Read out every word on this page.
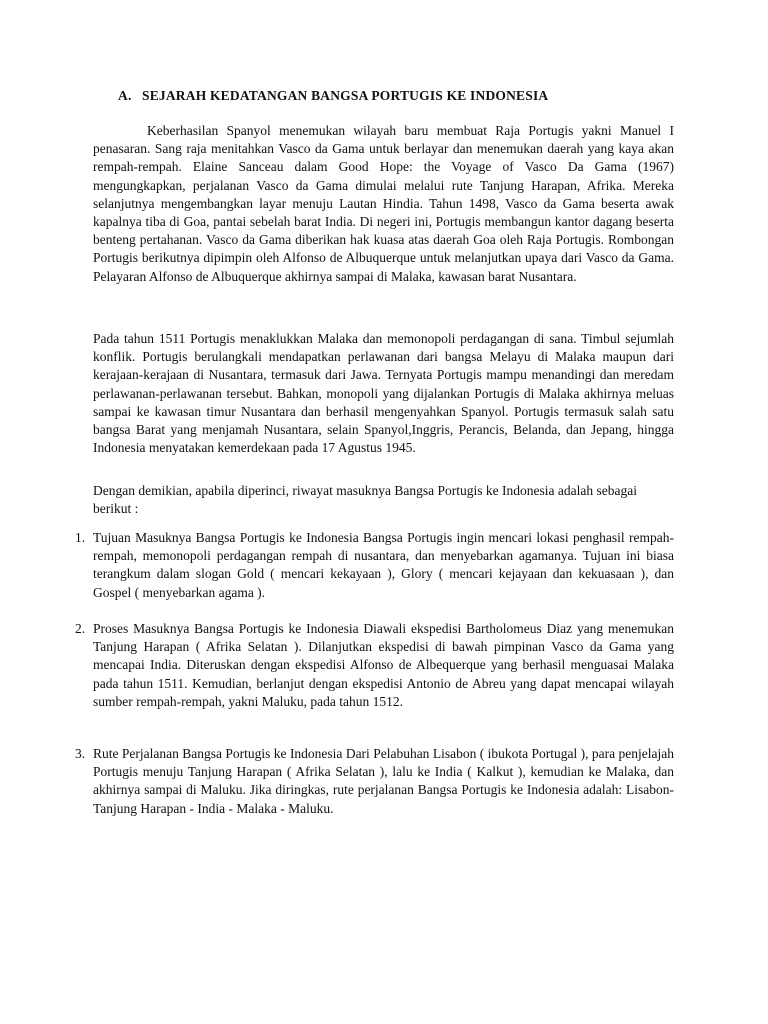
A. SEJARAH KEDATANGAN BANGSA PORTUGIS KE INDONESIA

Keberhasilan Spanyol menemukan wilayah baru membuat Raja Portugis yakni Manuel I penasaran. Sang raja menitahkan Vasco da Gama untuk berlayar dan menemukan daerah yang kaya akan rempah-rempah. Elaine Sanceau dalam Good Hope: the Voyage of Vasco Da Gama (1967) mengungkapkan, perjalanan Vasco da Gama dimulai melalui rute Tanjung Harapan, Afrika. Mereka selanjutnya mengembangkan layar menuju Lautan Hindia. Tahun 1498, Vasco da Gama beserta awak kapalnya tiba di Goa, pantai sebelah barat India. Di negeri ini, Portugis membangun kantor dagang beserta benteng pertahanan. Vasco da Gama diberikan hak kuasa atas daerah Goa oleh Raja Portugis. Rombongan Portugis berikutnya dipimpin oleh Alfonso de Albuquerque untuk melanjutkan upaya dari Vasco da Gama. Pelayaran Alfonso de Albuquerque akhirnya sampai di Malaka, kawasan barat Nusantara.

Pada tahun 1511 Portugis menaklukkan Malaka dan memonopoli perdagangan di sana. Timbul sejumlah konflik. Portugis berulangkali mendapatkan perlawanan dari bangsa Melayu di Malaka maupun dari kerajaan-kerajaan di Nusantara, termasuk dari Jawa. Ternyata Portugis mampu menandingi dan meredam perlawanan-perlawanan tersebut. Bahkan, monopoli yang dijalankan Portugis di Malaka akhirnya meluas sampai ke kawasan timur Nusantara dan berhasil mengenyahkan Spanyol. Portugis termasuk salah satu bangsa Barat yang menjamah Nusantara, selain Spanyol,Inggris, Perancis, Belanda, dan Jepang, hingga Indonesia menyatakan kemerdekaan pada 17 Agustus 1945.

Dengan demikian, apabila diperinci, riwayat masuknya Bangsa Portugis ke Indonesia adalah sebagai berikut :

1. Tujuan Masuknya Bangsa Portugis ke Indonesia Bangsa Portugis ingin mencari lokasi penghasil rempah-rempah, memonopoli perdagangan rempah di nusantara, dan menyebarkan agamanya. Tujuan ini biasa terangkum dalam slogan Gold ( mencari kekayaan ), Glory ( mencari kejayaan dan kekuasaan ), dan Gospel ( menyebarkan agama ).
2. Proses Masuknya Bangsa Portugis ke Indonesia Diawali ekspedisi Bartholomeus Diaz yang menemukan Tanjung Harapan ( Afrika Selatan ). Dilanjutkan ekspedisi di bawah pimpinan Vasco da Gama yang mencapai India. Diteruskan dengan ekspedisi Alfonso de Albequerque yang berhasil menguasai Malaka pada tahun 1511. Kemudian, berlanjut dengan ekspedisi Antonio de Abreu yang dapat mencapai wilayah sumber rempah-rempah, yakni Maluku, pada tahun 1512.
3. Rute Perjalanan Bangsa Portugis ke Indonesia Dari Pelabuhan Lisabon ( ibukota Portugal ), para penjelajah Portugis menuju Tanjung Harapan ( Afrika Selatan ), lalu ke India ( Kalkut ), kemudian ke Malaka, dan akhirnya sampai di Maluku. Jika diringkas, rute perjalanan Bangsa Portugis ke Indonesia adalah: Lisabon-Tanjung Harapan - India - Malaka - Maluku.
